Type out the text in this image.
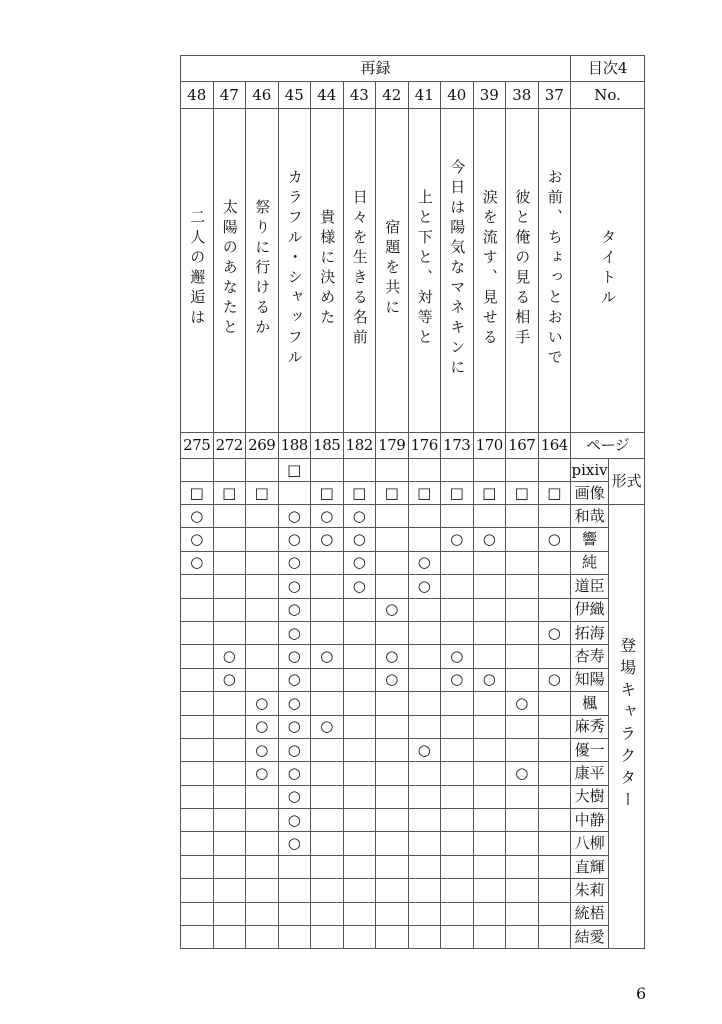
再録												目次4	
48	47	46	45	44	43	42	41	40	39	38	37	No.	
二人の邂逅は	太陽のあなたと	祭りに行けるか	カラフル・シャッフル	貴様に決めた	日々を生きる名前	宿題を共に	上と下と、対等と	今日は陽気なマネキンに	涙を流す、見せる	彼と俺の見る相手	お前、ちょっとおいで	タイトル	
275	272	269	188	185	182	179	176	173	170	167	164	ページ	
			□									pixiv	形式
□	□	□		□	□	□	□	□	□	□	□	画像	
○			○	○	○							和哉	登場キャラクター
○			○	○	○			○	○		○	響	
○			○		○		○					純	
			○		○		○					道臣	
			○			○						伊織	
			○								○	拓海	
	○		○	○		○		○				杏寿	
	○		○			○		○	○		○	知陽	
		○	○							○		楓	
		○	○	○								麻秀	
		○	○				○					優一	
		○	○							○		康平	
			○									大樹	
			○									中静	
			○									八柳	
												直輝	
												朱莉	
												統梧	
												結愛	
6
